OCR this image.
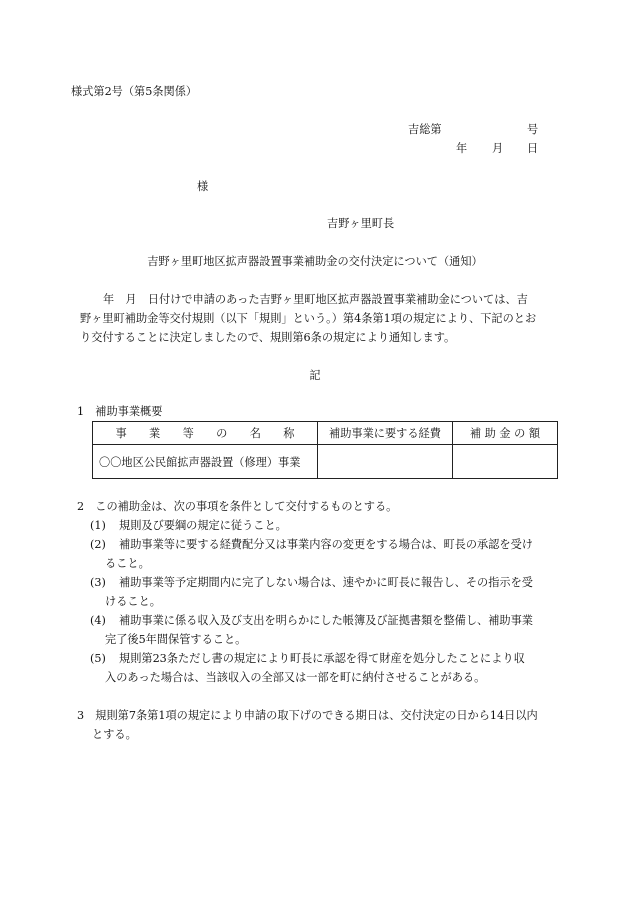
様式第2号（第5条関係）
吉総第	号
年 月 日
様
吉野ヶ里町長
吉野ヶ里町地区拡声器設置事業補助金の交付決定について（通知）
年　月　日付けで申請のあった吉野ヶ里町地区拡声器設置事業補助金については、吉
野ヶ里町補助金等交付規則（以下「規則」という。）第4条第1項の規定により、下記のとお
り交付することに決定しましたので、規則第6条の規定により通知します。
記
1　補助事業概要
事　　業　　等　　の　　名　　称	補助事業に要する経費	補 助 金 の 額
〇〇地区公民館拡声器設置（修理）事業		
2　この補助金は、次の事項を条件として交付するものとする。
(1) 規則及び要綱の規定に従うこと。
(2) 補助事業等に要する経費配分又は事業内容の変更をする場合は、町長の承認を受け
ること。
(3) 補助事業等予定期間内に完了しない場合は、速やかに町長に報告し、その指示を受
けること。
(4) 補助事業に係る収入及び支出を明らかにした帳簿及び証拠書類を整備し、補助事業
完了後5年間保管すること。
(5) 規則第23条ただし書の規定により町長に承認を得て財産を処分したことにより収
入のあった場合は、当該収入の全部又は一部を町に納付させることがある。
3　規則第7条第1項の規定により申請の取下げのできる期日は、交付決定の日から14日以内
とする。
